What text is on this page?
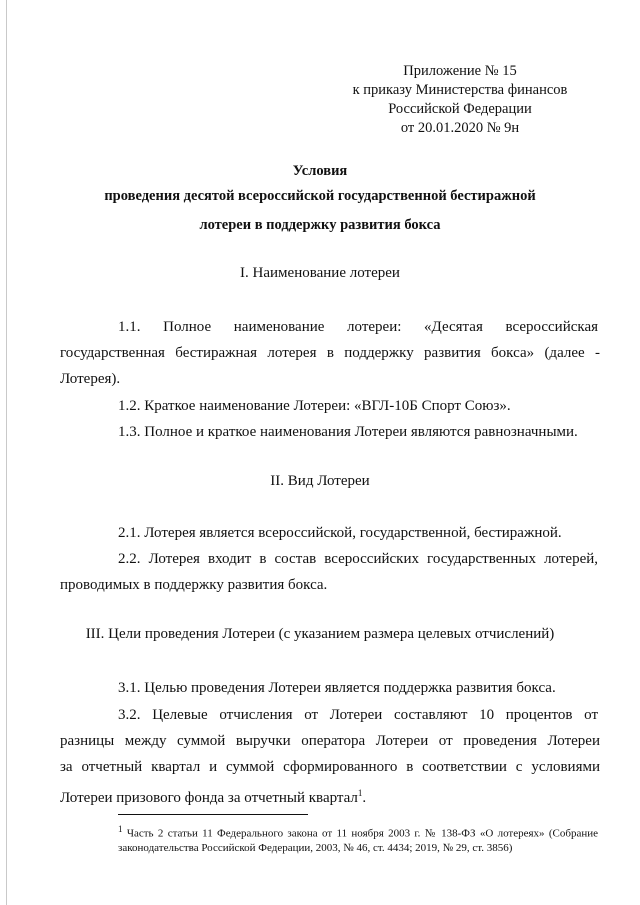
Приложение № 15
к приказу Министерства финансов
Российской Федерации
от 20.01.2020 № 9н
Условия
проведения десятой всероссийской государственной бестиражной
лотереи в поддержку развития бокса
I. Наименование лотереи
1.1. Полное наименование лотереи: «Десятая всероссийская
государственная бестиражная лотерея в поддержку развития бокса» (далее -
Лотерея).
1.2. Краткое наименование Лотереи: «ВГЛ-10Б Спорт Союз».
1.3. Полное и краткое наименования Лотереи являются равнозначными.
II. Вид Лотереи
2.1. Лотерея является всероссийской, государственной, бестиражной.
2.2. Лотерея входит в состав всероссийских государственных лотерей,
проводимых в поддержку развития бокса.
III. Цели проведения Лотереи (с указанием размера целевых отчислений)
3.1. Целью проведения Лотереи является поддержка развития бокса.
3.2. Целевые отчисления от Лотереи составляют 10 процентов от
разницы между суммой выручки оператора Лотереи от проведения Лотереи
за отчетный квартал и суммой сформированного в соответствии с условиями
Лотереи призового фонда за отчетный квартал$^1$.
$^1$ Часть 2 статьи 11 Федерального закона от 11 ноября 2003 г. № 138-ФЗ «О лотереях» (Собрание законодательства Российской Федерации, 2003, № 46, ст. 4434; 2019, № 29, ст. 3856)
